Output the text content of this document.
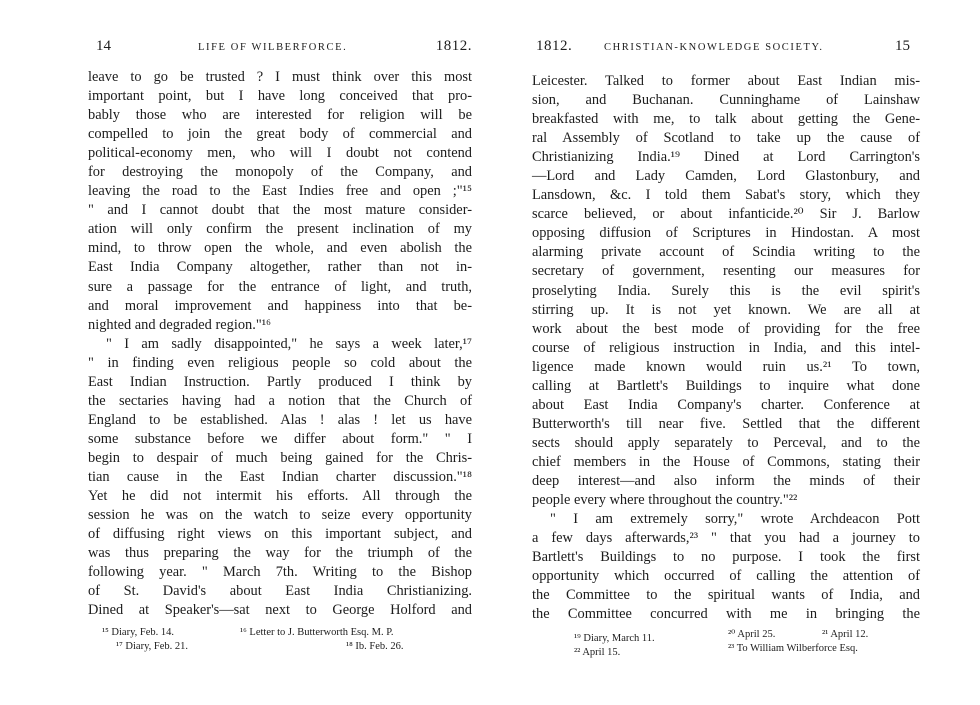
14	LIFE OF WILBERFORCE.	1812.
leave to go be trusted ? I must think over this most
important point, but I have long conceived that pro-
bably those who are interested for religion will be
compelled to join the great body of commercial and
political-economy men, who will I doubt not contend
for destroying the monopoly of the Company, and
leaving the road to the East Indies free and open ;"¹⁵
" and I cannot doubt that the most mature consider-
ation will only confirm the present inclination of my
mind, to throw open the whole, and even abolish the
East India Company altogether, rather than not in-
sure a passage for the entrance of light, and truth,
and moral improvement and happiness into that be-
nighted and degraded region."¹⁶
" I am sadly disappointed," he says a week later,¹⁷
" in finding even religious people so cold about the
East Indian Instruction. Partly produced I think by
the sectaries having had a notion that the Church of
England to be established. Alas ! alas ! let us have
some substance before we differ about form." " I
begin to despair of much being gained for the Chris-
tian cause in the East Indian charter discussion."¹⁸
Yet he did not intermit his efforts. All through the
session he was on the watch to seize every opportunity
of diffusing right views on this important subject, and
was thus preparing the way for the triumph of the
following year. " March 7th. Writing to the Bishop
of St. David's about East India Christianizing.
Dined at Speaker's—sat next to George Holford and
¹⁵ Diary, Feb. 14.	¹⁶ Letter to J. Butterworth Esq. M. P.
¹⁷ Diary, Feb. 21.	¹⁸ Ib. Feb. 26.
1812.	CHRISTIAN-KNOWLEDGE SOCIETY.	15
Leicester. Talked to former about East Indian mis-
sion, and Buchanan. Cunninghame of Lainshaw
breakfasted with me, to talk about getting the Gene-
ral Assembly of Scotland to take up the cause of
Christianizing India.¹⁹ Dined at Lord Carrington's
—Lord and Lady Camden, Lord Glastonbury, and
Lansdown, &c. I told them Sabat's story, which they
scarce believed, or about infanticide.²⁰ Sir J. Barlow
opposing diffusion of Scriptures in Hindostan. A most
alarming private account of Scindia writing to the
secretary of government, resenting our measures for
proselyting India. Surely this is the evil spirit's
stirring up. It is not yet known. We are all at
work about the best mode of providing for the free
course of religious instruction in India, and this intel-
ligence made known would ruin us.²¹ To town,
calling at Bartlett's Buildings to inquire what done
about East India Company's charter. Conference at
Butterworth's till near five. Settled that the different
sects should apply separately to Perceval, and to the
chief members in the House of Commons, stating their
deep interest—and also inform the minds of their
people every where throughout the country."²²
" I am extremely sorry," wrote Archdeacon Pott
a few days afterwards,²³ " that you had a journey to
Bartlett's Buildings to no purpose. I took the first
opportunity which occurred of calling the attention of
the Committee to the spiritual wants of India, and
the Committee concurred with me in bringing the
¹⁹ Diary, March 11.	²⁰ April 25.	²¹ April 12.
²² April 15.	²³ To William Wilberforce Esq.
